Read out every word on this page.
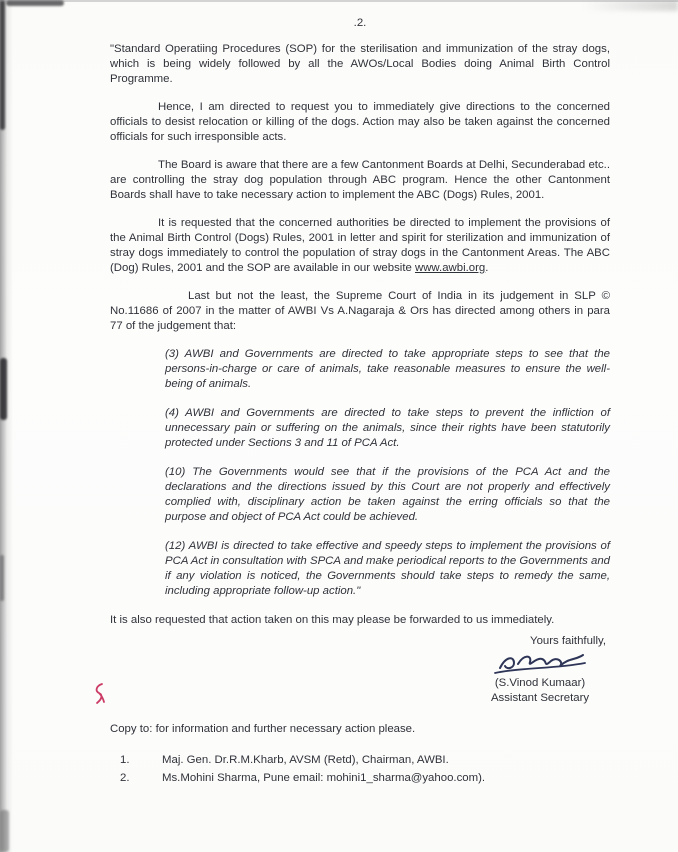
.2.

"Standard Operatiing Procedures (SOP) for the sterilisation and immunization of the stray dogs, which is being widely followed by all the AWOs/Local Bodies doing Animal Birth Control Programme.

Hence, I am directed to request you to immediately give directions to the concerned officials to desist relocation or killing of the dogs. Action may also be taken against the concerned officials for such irresponsible acts.

The Board is aware that there are a few Cantonment Boards at Delhi, Secunderabad etc.. are controlling the stray dog population through ABC program. Hence the other Cantonment Boards shall have to take necessary action to implement the ABC (Dogs) Rules, 2001.

It is requested that the concerned authorities be directed to implement the provisions of the Animal Birth Control (Dogs) Rules, 2001 in letter and spirit for sterilization and immunization of stray dogs immediately to control the population of stray dogs in the Cantonment Areas. The ABC (Dog) Rules, 2001 and the SOP are available in our website www.awbi.org.

Last but not the least, the Supreme Court of India in its judgement in SLP © No.11686 of 2007 in the matter of AWBI Vs A.Nagaraja & Ors has directed among others in para 77 of the judgement that:

(3) AWBI and Governments are directed to take appropriate steps to see that the persons-in-charge or care of animals, take reasonable measures to ensure the well-being of animals.

(4) AWBI and Governments are directed to take steps to prevent the infliction of unnecessary pain or suffering on the animals, since their rights have been statutorily protected under Sections 3 and 11 of PCA Act.

(10) The Governments would see that if the provisions of the PCA Act and the declarations and the directions issued by this Court are not properly and effectively complied with, disciplinary action be taken against the erring officials so that the purpose and object of PCA Act could be achieved.

(12) AWBI is directed to take effective and speedy steps to implement the provisions of PCA Act in consultation with SPCA and make periodical reports to the Governments and if any violation is noticed, the Governments should take steps to remedy the same, including appropriate follow-up action."

It is also requested that action taken on this may please be forwarded to us immediately.

Yours faithfully,
(S.Vinod Kumaar)
Assistant Secretary

Copy to: for information and further necessary action please.

1.	Maj. Gen. Dr.R.M.Kharb, AVSM (Retd), Chairman, AWBI.
2.	Ms.Mohini Sharma, Pune email: mohini1_sharma@yahoo.com).
